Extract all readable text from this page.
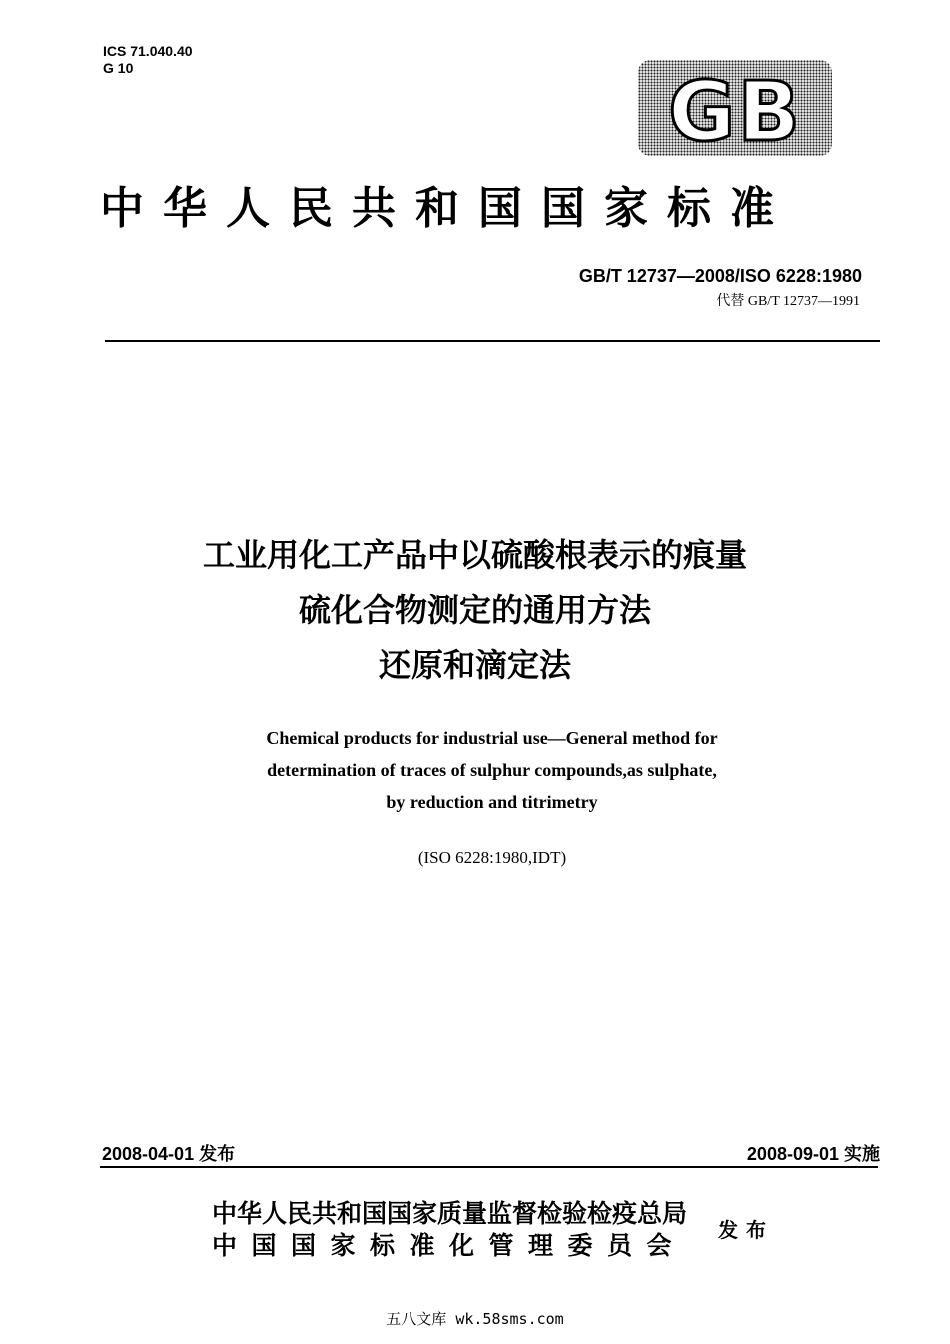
ICS 71.040.40
G 10	GB
中华人民共和国国家标准
GB/T 12737—2008/ISO 6228:1980
代替 GB/T 12737—1991
工业用化工产品中以硫酸根表示的痕量
硫化合物测定的通用方法
还原和滴定法
Chemical products for industrial use—General method for
determination of traces of sulphur compounds,as sulphate,
by reduction and titrimetry
(ISO 6228:1980,IDT)
2008-04-01 发布	2008-09-01 实施
中华人民共和国国家质量监督检验检疫总局
中国国家标准化管理委员会
发布
五八文库 wk.58sms.com
